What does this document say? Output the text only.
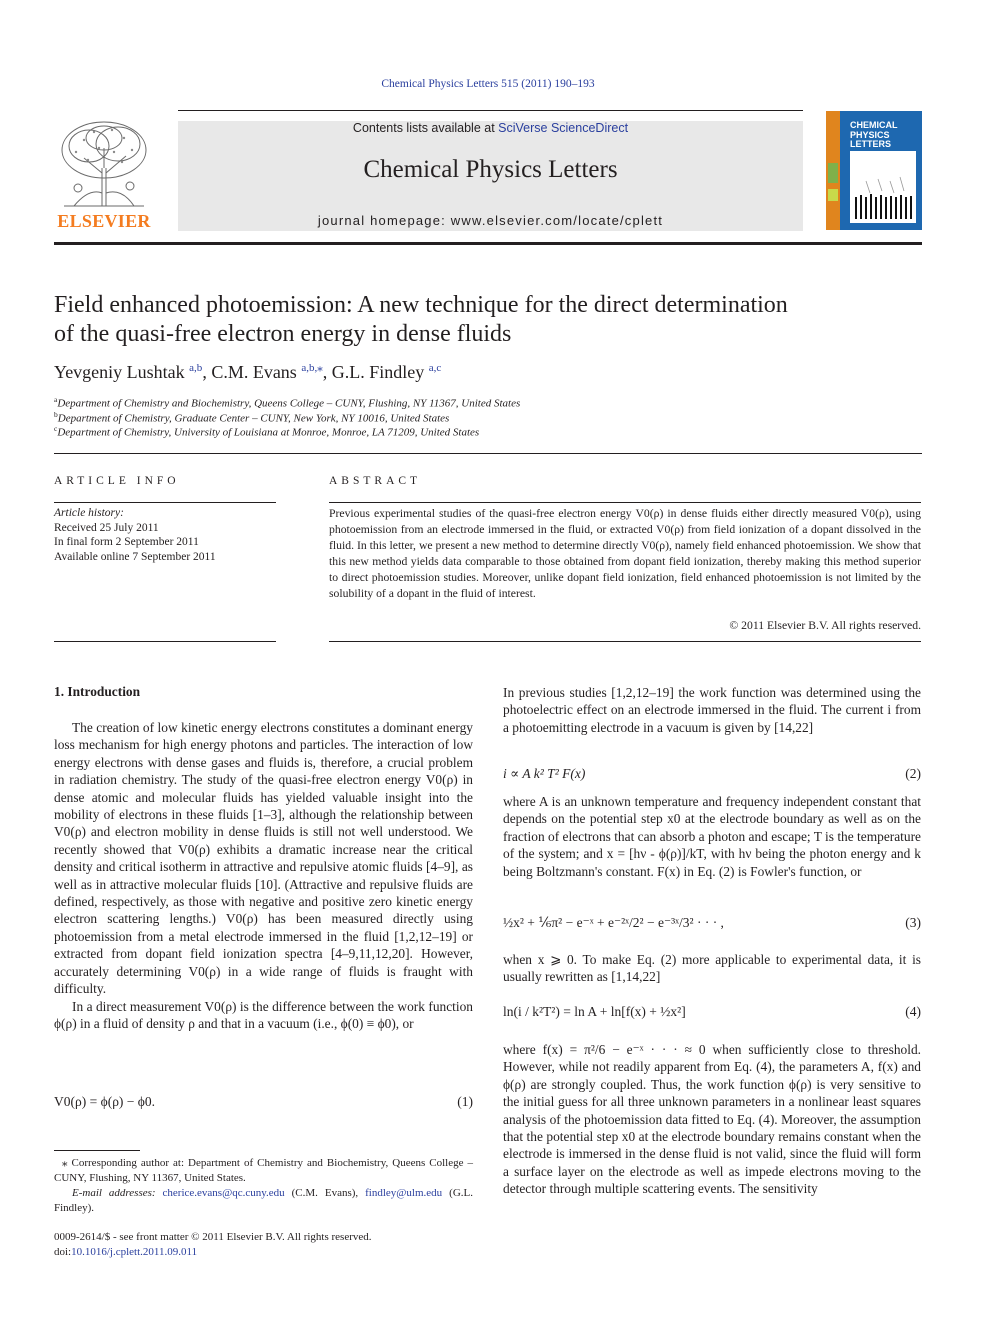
Chemical Physics Letters 515 (2011) 190–193
ELSEVIER
Contents lists available at SciVerse ScienceDirect
Chemical Physics Letters
journal homepage: www.elsevier.com/locate/cplett
CHEMICAL PHYSICS LETTERS
Field enhanced photoemission: A new technique for the direct determination
of the quasi-free electron energy in dense fluids
Yevgeniy Lushtak $^{a,b}$, C.M. Evans $^{a,b,⁎}$, G.L. Findley $^{a,c}$
$^a$Department of Chemistry and Biochemistry, Queens College – CUNY, Flushing, NY 11367, United States
$^b$Department of Chemistry, Graduate Center – CUNY, New York, NY 10016, United States
$^c$Department of Chemistry, University of Louisiana at Monroe, Monroe, LA 71209, United States
ARTICLE INFO
Article history:
Received 25 July 2011
In final form 2 September 2011
Available online 7 September 2011
ABSTRACT
Previous experimental studies of the quasi-free electron energy V0(ρ) in dense fluids either directly measured V0(ρ), using photoemission from an electrode immersed in the fluid, or extracted V0(ρ) from field ionization of a dopant dissolved in the fluid. In this letter, we present a new method to determine directly V0(ρ), namely field enhanced photoemission. We show that this new method yields data comparable to those obtained from dopant field ionization, thereby making this method superior to direct photoemission studies. Moreover, unlike dopant field ionization, field enhanced photoemission is not limited by the solubility of a dopant in the fluid of interest.
© 2011 Elsevier B.V. All rights reserved.
1. Introduction

The creation of low kinetic energy electrons constitutes a dominant energy loss mechanism for high energy photons and particles. The interaction of low energy electrons with dense gases and fluids is, therefore, a crucial problem in radiation chemistry. The study of the quasi-free electron energy V0(ρ) in dense atomic and molecular fluids has yielded valuable insight into the mobility of electrons in these fluids [1–3], although the relationship between V0(ρ) and electron mobility in dense fluids is still not well understood. We recently showed that V0(ρ) exhibits a dramatic increase near the critical density and critical isotherm in attractive and repulsive atomic fluids [4–9], as well as in attractive molecular fluids [10]. (Attractive and repulsive fluids are defined, respectively, as those with negative and positive zero kinetic energy electron scattering lengths.) V0(ρ) has been measured directly using photoemission from a metal electrode immersed in the fluid [1,2,12–19] or extracted from dopant field ionization spectra [4–9,11,12,20]. However, accurately determining V0(ρ) in a wide range of fluids is fraught with difficulty.

In a direct measurement V0(ρ) is the difference between the work function ϕ(ρ) in a fluid of density ρ and that in a vacuum (i.e., ϕ(0) ≡ ϕ0), or

V0(ρ) = ϕ(ρ) − ϕ0.	(1)
⁎ Corresponding author at: Department of Chemistry and Biochemistry, Queens College – CUNY, Flushing, NY 11367, United States.
E-mail addresses: cherice.evans@qc.cuny.edu (C.M. Evans), findley@ulm.edu (G.L. Findley).
0009-2614/$ - see front matter © 2011 Elsevier B.V. All rights reserved.
doi:10.1016/j.cplett.2011.09.011

In previous studies [1,2,12–19] the work function was determined using the photoelectric effect on an electrode immersed in the fluid. The current i from a photoemitting electrode in a vacuum is given by [14,22]

i ∝ A k² T² F(x)	(2)

where A is an unknown temperature and frequency independent constant that depends on the potential step x0 at the electrode boundary as well as on the fraction of electrons that can absorb a photon and escape; T is the temperature of the system; and x = [hν - ϕ(ρ)]/kT, with hν being the photon energy and k being Boltzmann's constant. F(x) in Eq. (2) is Fowler's function, or

½x² + ⅙π² − e⁻ˣ + e⁻²ˣ/2² − e⁻³ˣ/3² · · · ,	(3)

when x ⩾ 0. To make Eq. (2) more applicable to experimental data, it is usually rewritten as [1,14,22]

ln(i / k²T²) = ln A + ln[f(x) + ½x²]	(4)

where f(x) = π²/6 − e⁻ˣ · · · ≈ 0 when sufficiently close to threshold. However, while not readily apparent from Eq. (4), the parameters A, f(x) and ϕ(ρ) are strongly coupled. Thus, the work function ϕ(ρ) is very sensitive to the initial guess for all three unknown parameters in a nonlinear least squares analysis of the photoemission data fitted to Eq. (4). Moreover, the assumption that the potential step x0 at the electrode boundary remains constant when the electrode is immersed in the dense fluid is not valid, since the fluid will form a surface layer on the electrode as well as impede electrons moving to the detector through multiple scattering events. The sensitivity
